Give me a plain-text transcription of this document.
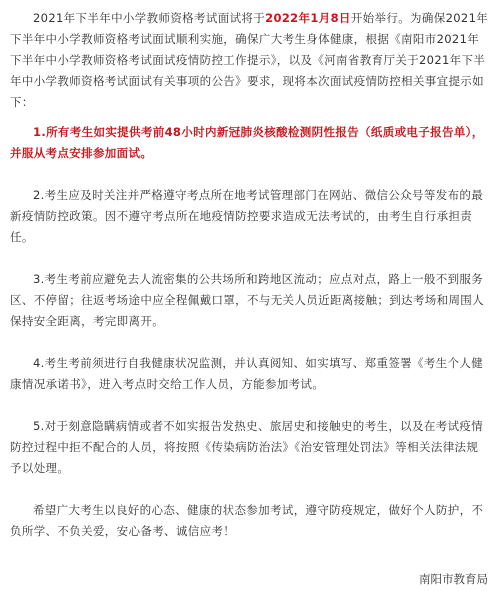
2021年下半年中小学教师资格考试面试将于2022年1月8日开始举行。为确保2021年下半年中小学教师资格考试面试顺利实施，确保广大考生身体健康，根据《南阳市2021年下半年中小学教师资格考试面试疫情防控工作提示》，以及《河南省教育厅关于2021年下半年中小学教师资格考试面试有关事项的公告》要求，现将本次面试疫情防控相关事宜提示如下：

1.所有考生如实提供考前48小时内新冠肺炎核酸检测阴性报告（纸质或电子报告单），并服从考点安排参加面试。

2.考生应及时关注并严格遵守考点所在地考试管理部门在网站、微信公众号等发布的最新疫情防控政策。因不遵守考点所在地疫情防控要求造成无法考试的，由考生自行承担责任。

3.考生考前应避免去人流密集的公共场所和跨地区流动；应点对点，路上一般不到服务区、不停留；往返考场途中应全程佩戴口罩，不与无关人员近距离接触；到达考场和周围人保持安全距离，考完即离开。

4.考生考前须进行自我健康状况监测，并认真阅知、如实填写、郑重签署《考生个人健康情况承诺书》，进入考点时交给工作人员，方能参加考试。

5.对于刻意隐瞒病情或者不如实报告发热史、旅居史和接触史的考生，以及在考试疫情防控过程中拒不配合的人员，将按照《传染病防治法》《治安管理处罚法》等相关法律法规予以处理。

希望广大考生以良好的心态、健康的状态参加考试，遵守防疫规定，做好个人防护，不负所学、不负关爱，安心备考、诚信应考！

南阳市教育局
